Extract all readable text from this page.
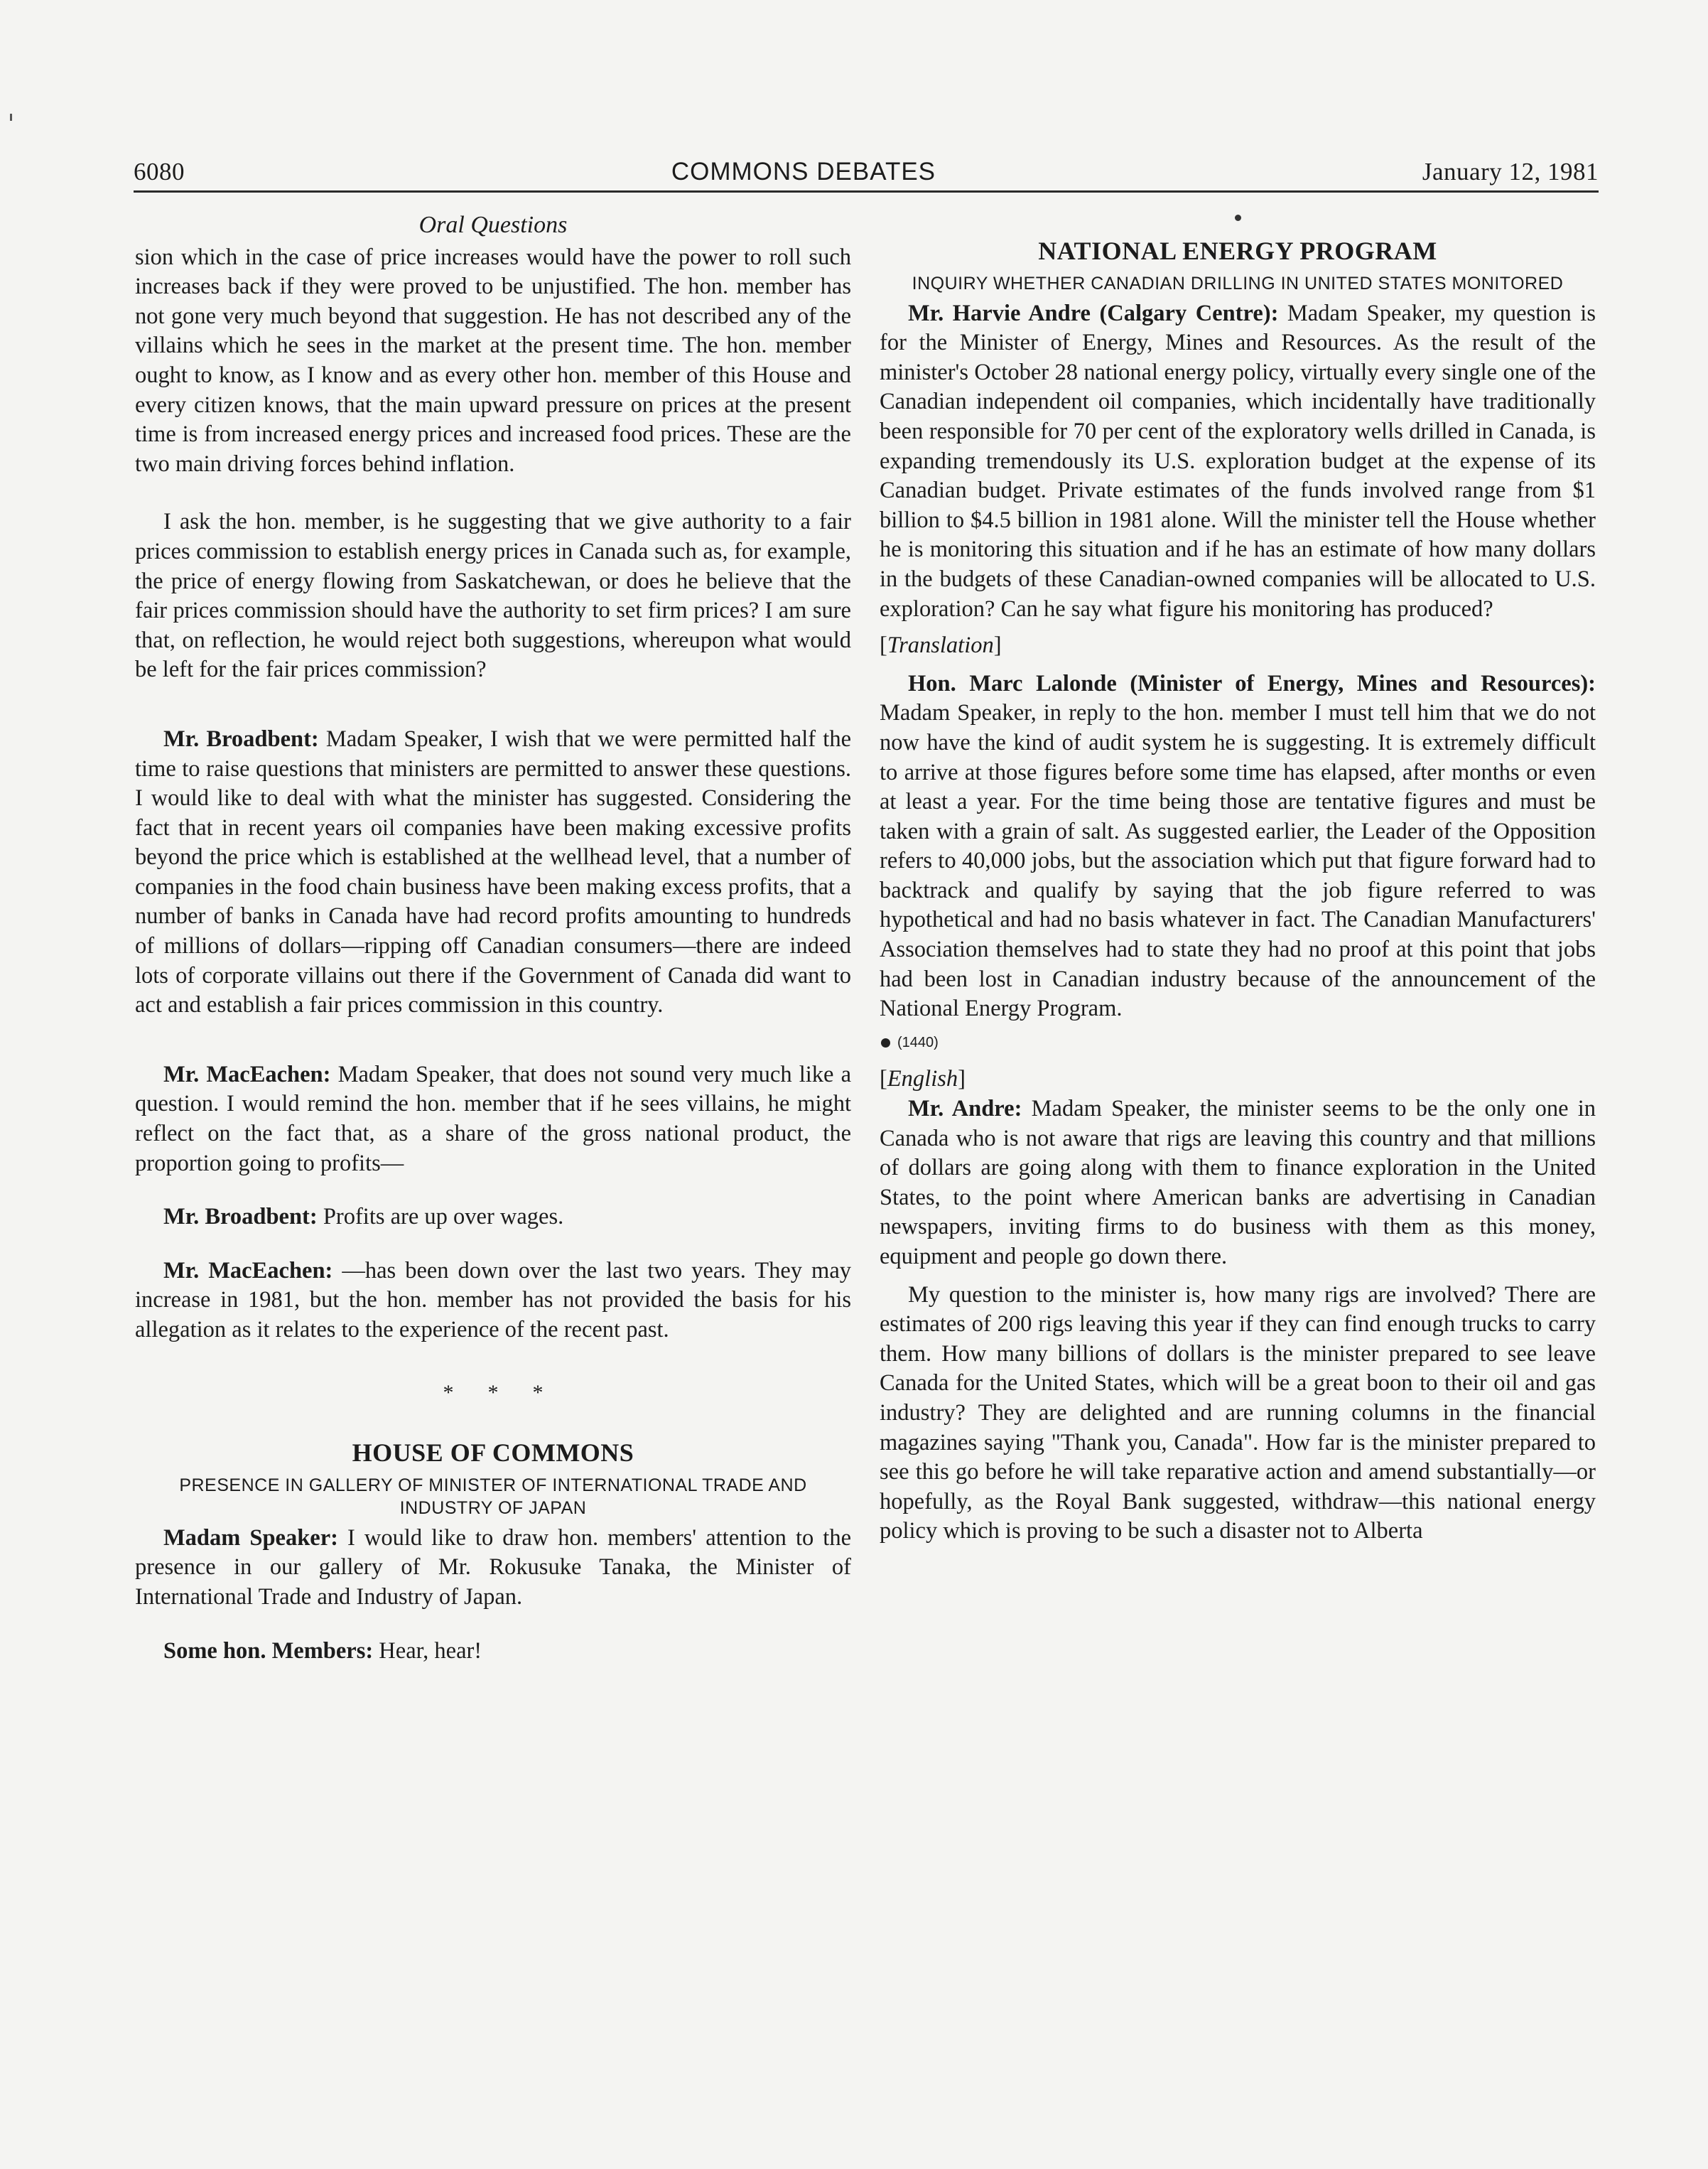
6080	COMMONS DEBATES	January 12, 1981
Oral Questions

sion which in the case of price increases would have the power to roll such increases back if they were proved to be unjustified. The hon. member has not gone very much beyond that suggestion. He has not described any of the villains which he sees in the market at the present time. The hon. member ought to know, as I know and as every other hon. member of this House and every citizen knows, that the main upward pressure on prices at the present time is from increased energy prices and increased food prices. These are the two main driving forces behind inflation.

I ask the hon. member, is he suggesting that we give authority to a fair prices commission to establish energy prices in Canada such as, for example, the price of energy flowing from Saskatchewan, or does he believe that the fair prices commission should have the authority to set firm prices? I am sure that, on reflection, he would reject both suggestions, whereupon what would be left for the fair prices commission?

Mr. Broadbent: Madam Speaker, I wish that we were permitted half the time to raise questions that ministers are permitted to answer these questions. I would like to deal with what the minister has suggested. Considering the fact that in recent years oil companies have been making excessive profits beyond the price which is established at the wellhead level, that a number of companies in the food chain business have been making excess profits, that a number of banks in Canada have had record profits amounting to hundreds of millions of dollars—ripping off Canadian consumers—there are indeed lots of corporate villains out there if the Government of Canada did want to act and establish a fair prices commission in this country.

Mr. MacEachen: Madam Speaker, that does not sound very much like a question. I would remind the hon. member that if he sees villains, he might reflect on the fact that, as a share of the gross national product, the proportion going to profits—

Mr. Broadbent: Profits are up over wages.

Mr. MacEachen: —has been down over the last two years. They may increase in 1981, but the hon. member has not provided the basis for his allegation as it relates to the experience of the recent past.

* * *
HOUSE OF COMMONS
PRESENCE IN GALLERY OF MINISTER OF INTERNATIONAL TRADE AND INDUSTRY OF JAPAN

Madam Speaker: I would like to draw hon. members' attention to the presence in our gallery of Mr. Rokusuke Tanaka, the Minister of International Trade and Industry of Japan.

Some hon. Members: Hear, hear!

NATIONAL ENERGY PROGRAM
INQUIRY WHETHER CANADIAN DRILLING IN UNITED STATES MONITORED

Mr. Harvie Andre (Calgary Centre): Madam Speaker, my question is for the Minister of Energy, Mines and Resources. As the result of the minister's October 28 national energy policy, virtually every single one of the Canadian independent oil companies, which incidentally have traditionally been responsible for 70 per cent of the exploratory wells drilled in Canada, is expanding tremendously its U.S. exploration budget at the expense of its Canadian budget. Private estimates of the funds involved range from $1 billion to $4.5 billion in 1981 alone. Will the minister tell the House whether he is monitoring this situation and if he has an estimate of how many dollars in the budgets of these Canadian-owned companies will be allocated to U.S. exploration? Can he say what figure his monitoring has produced?

[Translation]

Hon. Marc Lalonde (Minister of Energy, Mines and Resources): Madam Speaker, in reply to the hon. member I must tell him that we do not now have the kind of audit system he is suggesting. It is extremely difficult to arrive at those figures before some time has elapsed, after months or even at least a year. For the time being those are tentative figures and must be taken with a grain of salt. As suggested earlier, the Leader of the Opposition refers to 40,000 jobs, but the association which put that figure forward had to backtrack and qualify by saying that the job figure referred to was hypothetical and had no basis whatever in fact. The Canadian Manufacturers' Association themselves had to state they had no proof at this point that jobs had been lost in Canadian industry because of the announcement of the National Energy Program.

(1440)
[English]

Mr. Andre: Madam Speaker, the minister seems to be the only one in Canada who is not aware that rigs are leaving this country and that millions of dollars are going along with them to finance exploration in the United States, to the point where American banks are advertising in Canadian newspapers, inviting firms to do business with them as this money, equipment and people go down there.

My question to the minister is, how many rigs are involved? There are estimates of 200 rigs leaving this year if they can find enough trucks to carry them. How many billions of dollars is the minister prepared to see leave Canada for the United States, which will be a great boon to their oil and gas industry? They are delighted and are running columns in the financial magazines saying "Thank you, Canada". How far is the minister prepared to see this go before he will take reparative action and amend substantially—or hopefully, as the Royal Bank suggested, withdraw—this national energy policy which is proving to be such a disaster not to Alberta
